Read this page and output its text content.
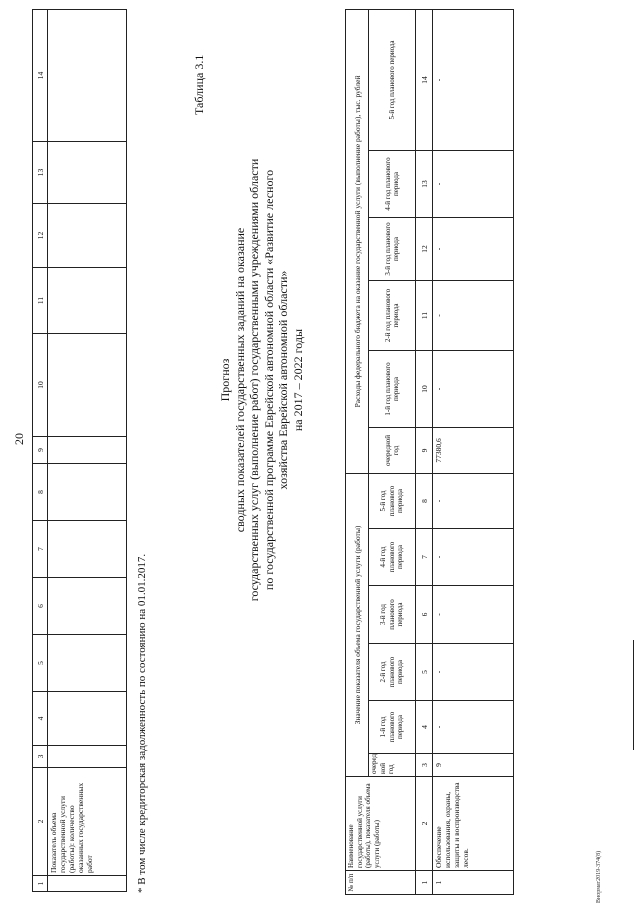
1	2	3	4	5	6	7	8	9	10	11	12	13	14
	Показатель объема государственной услуги (работы): количество оказанных государственных работ													* В том числе кредиторская задолженность по состоянию на 01.01.2017.
20
Таблица 3.1
Прогноз сводных показателей государственных заданий на оказание государственных услуг (выполнение работ) государственными учреждениями области по государственной программе Еврейской автономной области «Развитие лесного хозяйства Еврейской автономной области» на 2017 – 2022 годы
№ п/п	Наименование государственной услуги (работы), показателя объема услуги (работы)	Значение показателя объема государственной услуги (работы)						Расходы федерального бюджета на оказание государственной услуги (выполнение работы), тыс. рублей					
		очеред ной год	1-й год планового периода	2-й год планового периода	3-й год планового периода	4-й год планового периода	5-й год планового периода	очередной год	1-й год планового периода	2-й год планового периода	3-й год планового периода	4-й год планового периода	5-й год планового периода
1	2	3	4	5	6	7	8	9	10	11	12	13	14
1	Обеспечение использования, охраны, защиты и воспроизводства лесов.	9	-	-	-	-	-	77380,6	-	-	-	-	-
Вноpмат2019-374(8)
